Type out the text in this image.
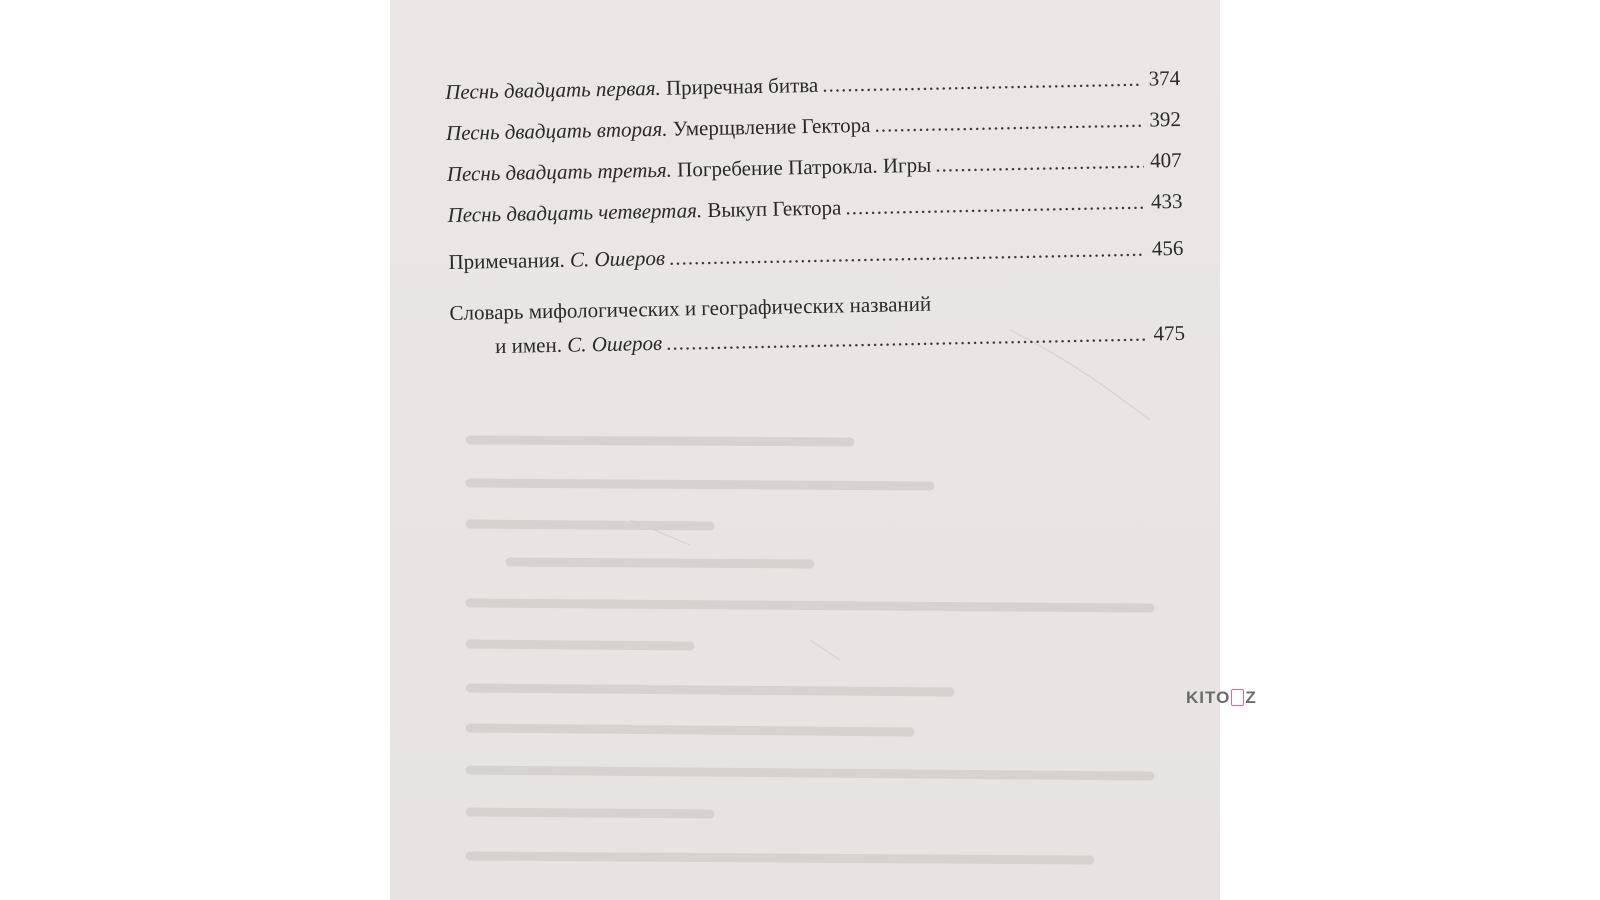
Песнь двадцать первая. Приречная битва .....	374
Песнь двадцать вторая. Умерщвление Гектора .....	392
Песнь двадцать третья. Погребение Патрокла. Игры .....	407
Песнь двадцать четвертая. Выкуп Гектора .....	433
Примечания. С. Ошеров .....	456
Словарь мифологических и географических названий
и имен. С. Ошеров .....	475
KITO Z
